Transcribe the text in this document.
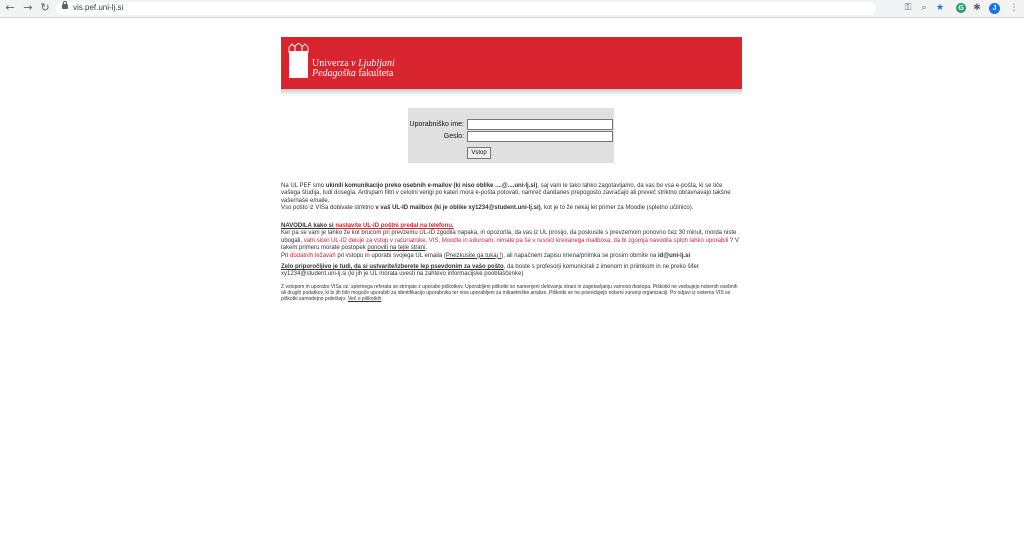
← → ↻	vis.pef.uni-lj.si	⚿ ⌕ ★	G ✱	J	⋮
Univerza v Ljubljani
Pedagoška fakulteta
Uporabniško ime:
Geslo:
Vstop

Na UL PEF smo ukinili komunikacijo preko osebnih e-mailov (ki niso oblike ....@....uni-lj.si), saj vam le tako lahko zagotavljamo, da vas bo vsa e-pošta, ki se tiče vašega študija, tudi dosegla. Antispam filtri v celotni verigi po kateri mora e-pošta potovati, namreč dandanes prepogosto zavračajo ali preveč striktno obravnavajo takšne vaše/naše emaile.
Vso pošto iz VISa dobivate striktno v vaš UL-ID mailbox (ki je oblike xy1234@student.uni-lj.si), kot je to že nekaj let primer za Moodle (spletno učilnico).

NAVODILA kako si nastavite UL-ID poštni predal na telefonu.
Ker pa se vam je lahko že kot brucom pri prevzemu UL-ID zgodila napaka, in opozorila, da vas iz UL prosijo, da poskusite s prevzemom ponovno čez 30 minut, morda niste ubogali, vam sicer UL-ID deluje za vstop v računalnike, VIS, Moodle in eduroam, nimate pa še v resnici kreiranega mailboxa, da bi zgornja navodila sploh lahko uporabili ? V takem primeru morate postopek ponoviti na tejle strani.
Pri dodatnih težavah pri vstopu in uporabi svojega UL emaila (Preizkusite ga tukaj !), ali napačnem zapisu imena/priimka se prosim obrnite na id@uni-lj.si

Zelo priporočljivo je tudi, da si ustvarite/izberete lep psevdonim za vašo pošto, da boste s profesorji komunicirali z imenom in priimkom in ne preko šifer xy1234@student.uni-lj.si (ki jih je UL morala uvesti na zahtevo informacijske pooblaščenke)

Z vstopom in uporabo VISa oz. spletnega referata se strinjate z uporabo piškotkov. Uporabljeni piškotki so namenjeni delovanju strani in zagotavljanju varnosti dostopa. Piškotki ne vsebujejo nobenih osebnih ali drugih podatkov, ki bi jih bilo mogoče uporabiti za identifikacijo uporabnika ter niso uporabljeni za mikaetinške analize. Piškotki se ne posredujejo nobeni zunanji organizaciji. Po odjavi iz sistema VIS se piškotki samodejno pobrišejo. Več o piškotkih
